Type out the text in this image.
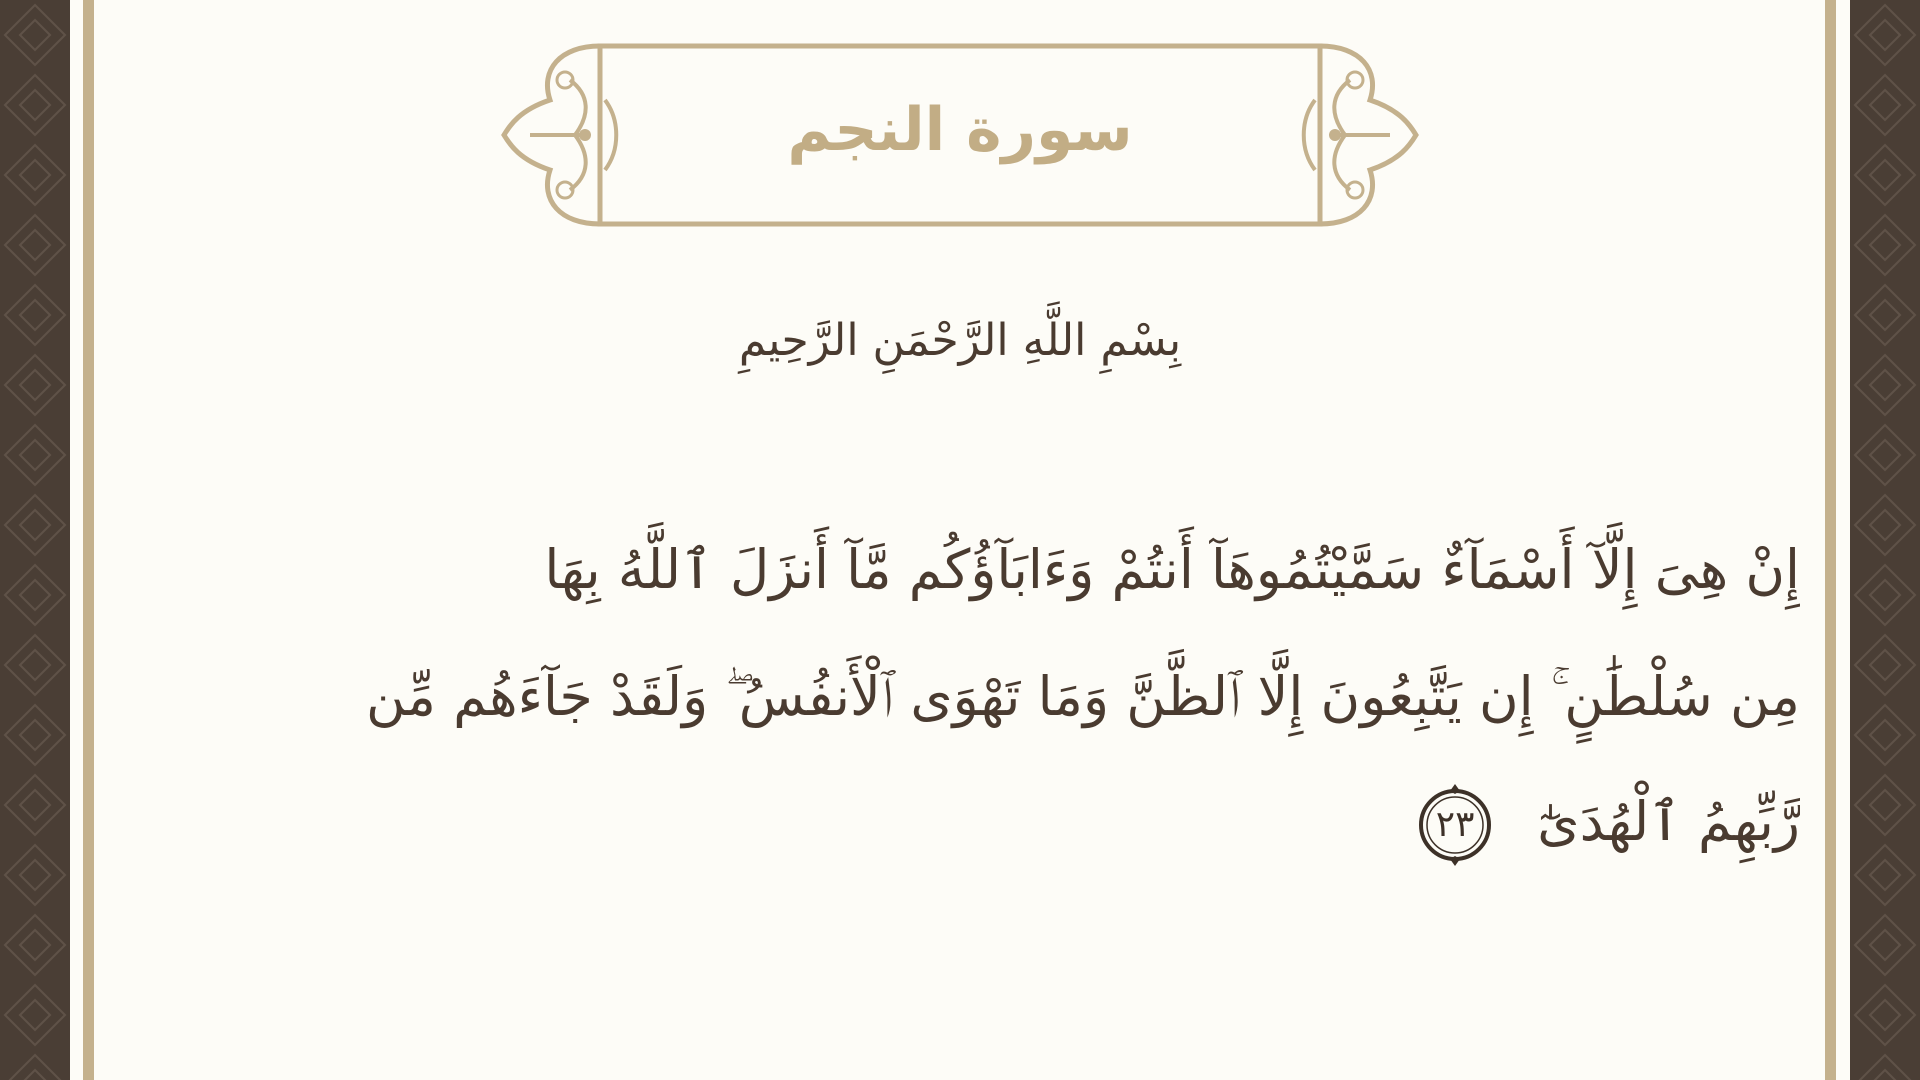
سورة النجم
بِسْمِ اللَّهِ الرَّحْمَنِ الرَّحِيمِ
إِنْ هِىَ إِلَّآ أَسْمَآءٌ سَمَّيْتُمُوهَآ أَنتُمْ وَءَابَآؤُكُم مَّآ أَنزَلَ ٱللَّهُ بِهَا
مِن سُلْطَٰنٍ ۚ إِن يَتَّبِعُونَ إِلَّا ٱلظَّنَّ وَمَا تَهْوَى ٱلْأَنفُسُ ۖ وَلَقَدْ جَآءَهُم مِّن
رَّبِّهِمُ ٱلْهُدَىٰٓ
٢٣
